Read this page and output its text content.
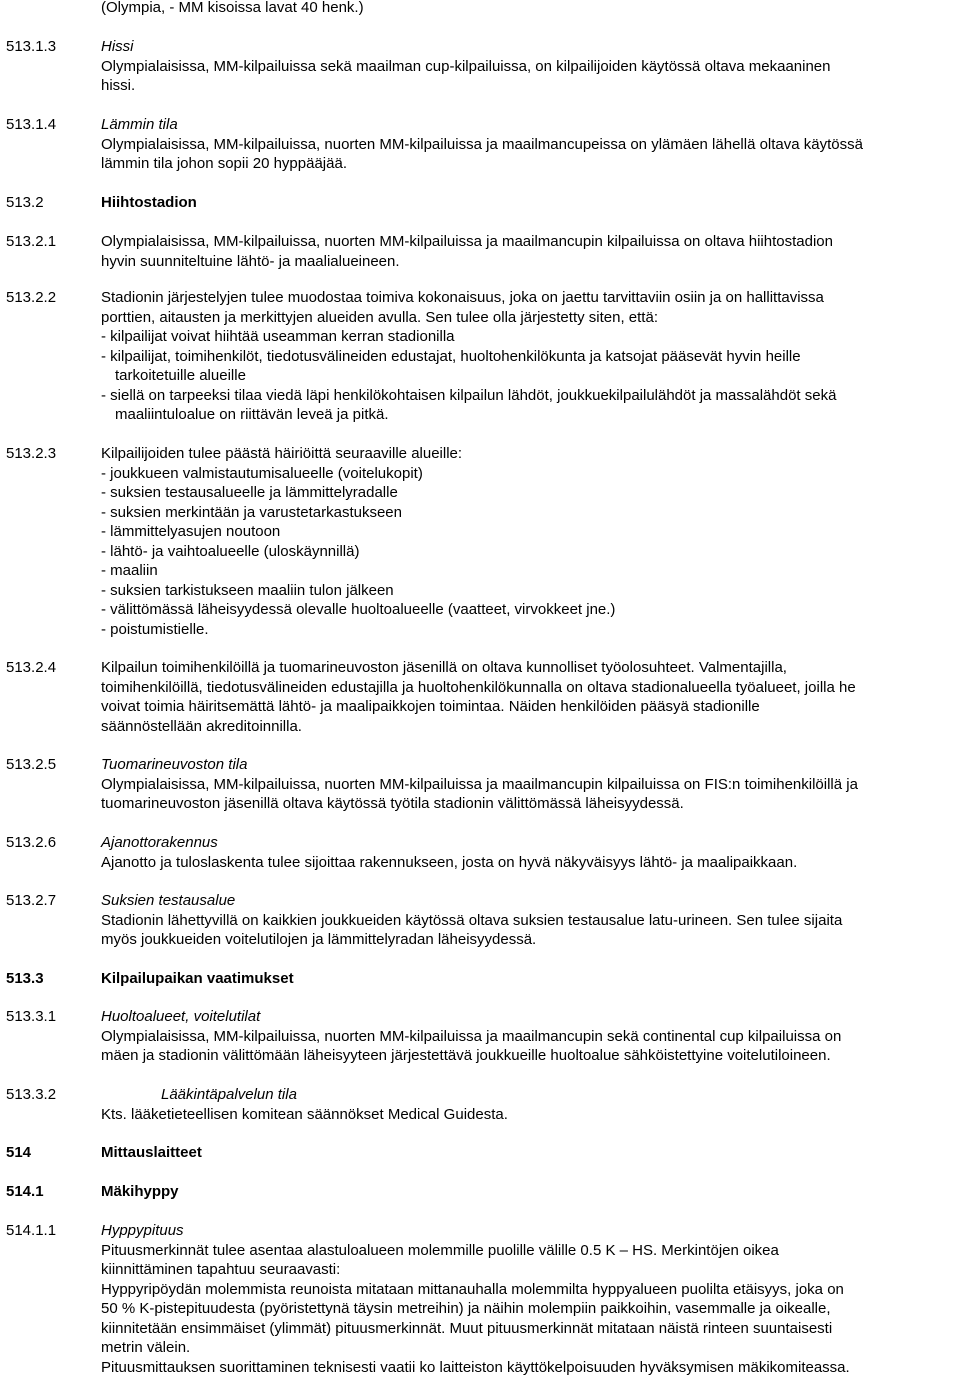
(Olympia, - MM kisoissa lavat 40 henk.)
513.1.3	Hissi
Olympialaisissa, MM-kilpailuissa sekä maailman cup-kilpailuissa, on kilpailijoiden käytössä oltava mekaaninen
hissi.
513.1.4	Lämmin tila
Olympialaisissa, MM-kilpailuissa, nuorten MM-kilpailuissa ja maailmancupeissa on ylämäen lähellä oltava käytössä
lämmin tila johon sopii 20 hyppääjää.
513.2	Hiihtostadion
513.2.1	Olympialaisissa, MM-kilpailuissa, nuorten MM-kilpailuissa ja maailmancupin kilpailuissa on oltava hiihtostadion
hyvin suunniteltuine lähtö- ja maalialueineen.
513.2.2	Stadionin järjestelyjen tulee muodostaa toimiva kokonaisuus, joka on jaettu tarvittaviin osiin ja on hallittavissa
porttien, aitausten ja merkittyjen alueiden avulla. Sen tulee olla järjestetty siten, että:
- kilpailijat voivat hiihtää useamman kerran stadionilla
- kilpailijat, toimihenkilöt, tiedotusvälineiden edustajat, huoltohenkilökunta ja katsojat pääsevät hyvin heille
tarkoitetuille alueille
- siellä on tarpeeksi tilaa viedä läpi henkilökohtaisen kilpailun lähdöt, joukkuekilpailulähdöt ja massalähdöt sekä
maaliintuloalue on riittävän leveä ja pitkä.
513.2.3	Kilpailijoiden tulee päästä häiriöittä seuraaville alueille:
- joukkueen valmistautumisalueelle (voitelukopit)
- suksien testausalueelle ja lämmittelyradalle
- suksien merkintään ja varustetarkastukseen
- lämmittelyasujen noutoon
- lähtö- ja vaihtoalueelle (uloskäynnillä)
- maaliin
- suksien tarkistukseen maaliin tulon jälkeen
- välittömässä läheisyydessä olevalle huoltoalueelle (vaatteet, virvokkeet jne.)
- poistumistielle.
513.2.4	Kilpailun toimihenkilöillä ja tuomarineuvoston jäsenillä on oltava kunnolliset työolosuhteet. Valmentajilla,
toimihenkilöillä, tiedotusvälineiden edustajilla ja huoltohenkilökunnalla on oltava stadionalueella työalueet, joilla he
voivat toimia häiritsemättä lähtö- ja maalipaikkojen toimintaa. Näiden henkilöiden pääsyä stadionille
säännöstellään akreditoinnilla.
513.2.5	Tuomarineuvoston tila
Olympialaisissa, MM-kilpailuissa, nuorten MM-kilpailuissa ja maailmancupin kilpailuissa on FIS:n toimihenkilöillä ja
tuomarineuvoston jäsenillä oltava käytössä työtila stadionin välittömässä läheisyydessä.
513.2.6	Ajanottorakennus
Ajanotto ja tuloslaskenta tulee sijoittaa rakennukseen, josta on hyvä näkyväisyys lähtö- ja maalipaikkaan.
513.2.7	Suksien testausalue
Stadionin lähettyvillä on kaikkien joukkueiden käytössä oltava suksien testausalue latu-urineen. Sen tulee sijaita
myös joukkueiden voitelutilojen ja lämmittelyradan läheisyydessä.
513.3	Kilpailupaikan vaatimukset
513.3.1	Huoltoalueet, voitelutilat
Olympialaisissa, MM-kilpailuissa, nuorten MM-kilpailuissa ja maailmancupin sekä continental cup kilpailuissa on
mäen ja stadionin välittömään läheisyyteen järjestettävä joukkueille huoltoalue sähköistettyine voitelutiloineen.
513.3.2	Lääkintäpalvelun tila
Kts. lääketieteellisen komitean säännökset Medical Guidesta.
514	Mittauslaitteet
514.1	Mäkihyppy
514.1.1	Hyppypituus
Pituusmerkinnät tulee asentaa alastuloalueen molemmille puolille välille 0.5 K – HS. Merkintöjen oikea
kiinnittäminen tapahtuu seuraavasti:
Hyppyripöydän molemmista reunoista mitataan mittanauhalla molemmilta hyppyalueen puolilta etäisyys, joka on
50 % K-pistepituudesta (pyöristettynä täysin metreihin) ja näihin molempiin paikkoihin, vasemmalle ja oikealle,
kiinnitetään ensimmäiset (ylimmät) pituusmerkinnät. Muut pituusmerkinnät mitataan näistä rinteen suuntaisesti
metrin välein.
Pituusmittauksen suorittaminen teknisesti vaatii ko laitteiston käyttökelpoisuuden hyväksymisen mäkikomiteassa.
